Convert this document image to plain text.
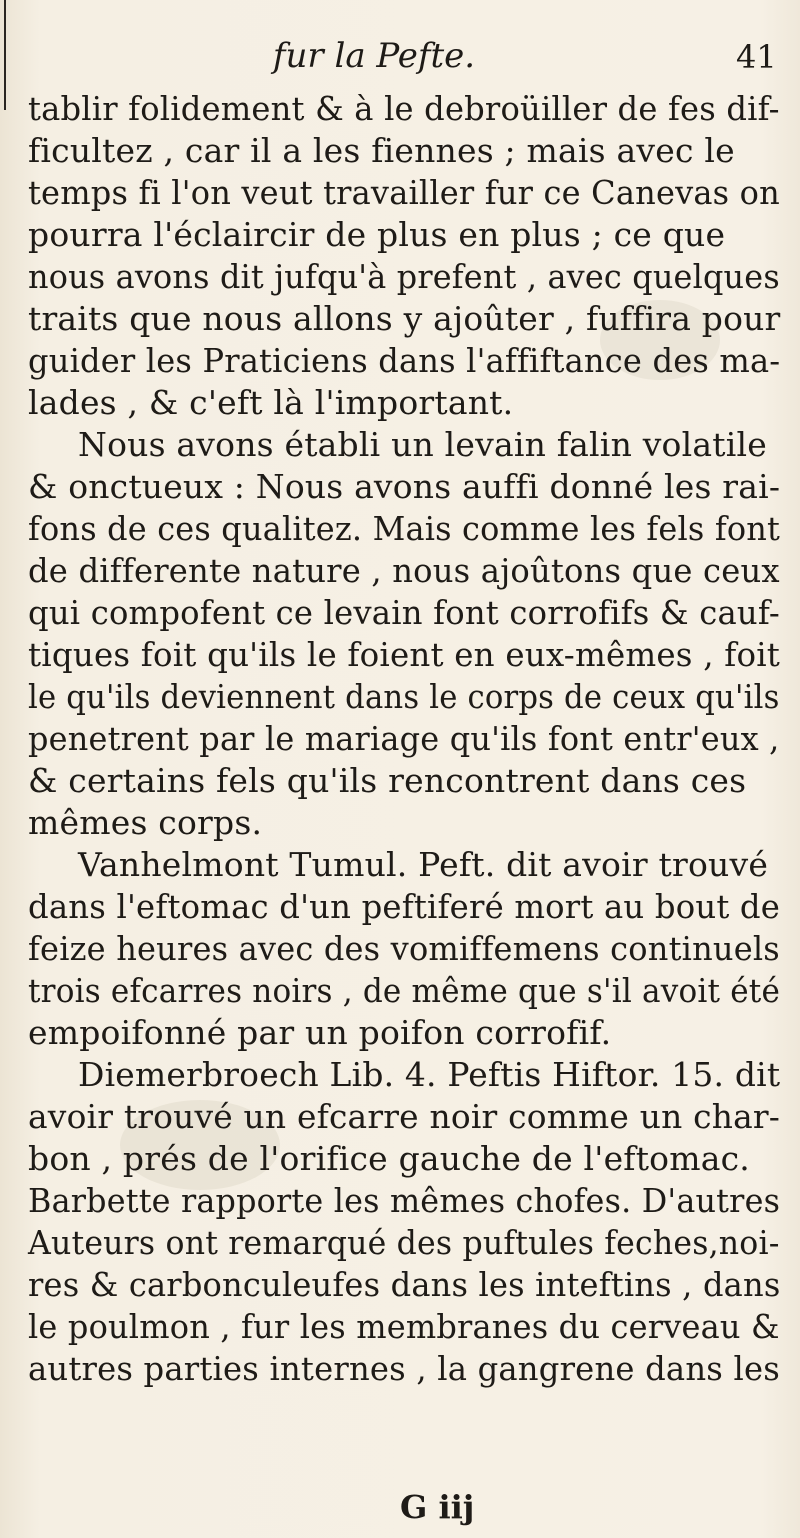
fur la Pefte.	41
tablir folidement & à le debroüiller de fes dif-
ficultez , car il a les fiennes ; mais avec le
temps fi l'on veut travailler fur ce Canevas on
pourra l'éclaircir de plus en plus ; ce que
nous avons dit jufqu'à prefent , avec quelques
traits que nous allons y ajoûter , fuffira pour
guider les Praticiens dans l'affiftance des ma-
lades , & c'eft là l'important.
Nous avons établi un levain falin volatile
& onctueux : Nous avons auffi donné les rai-
fons de ces qualitez. Mais comme les fels font
de differente nature , nous ajoûtons que ceux
qui compofent ce levain font corrofifs & cauf-
tiques foit qu'ils le foient en eux-mêmes , foit
le qu'ils deviennent dans le corps de ceux qu'ils
penetrent par le mariage qu'ils font entr'eux ,
& certains fels qu'ils rencontrent dans ces
mêmes corps.
Vanhelmont Tumul. Peft. dit avoir trouvé
dans l'eftomac d'un peftiferé mort au bout de
feize heures avec des vomiffemens continuels
trois efcarres noirs , de même que s'il avoit été
empoifonné par un poifon corrofif.
Diemerbroech Lib. 4. Peftis Hiftor. 15. dit
avoir trouvé un efcarre noir comme un char-
bon , prés de l'orifice gauche de l'eftomac.
Barbette rapporte les mêmes chofes. D'autres
Auteurs ont remarqué des puftules feches,noi-
res & carbonculeufes dans les inteftins , dans
le poulmon , fur les membranes du cerveau &
autres parties internes , la gangrene dans les
G iij
